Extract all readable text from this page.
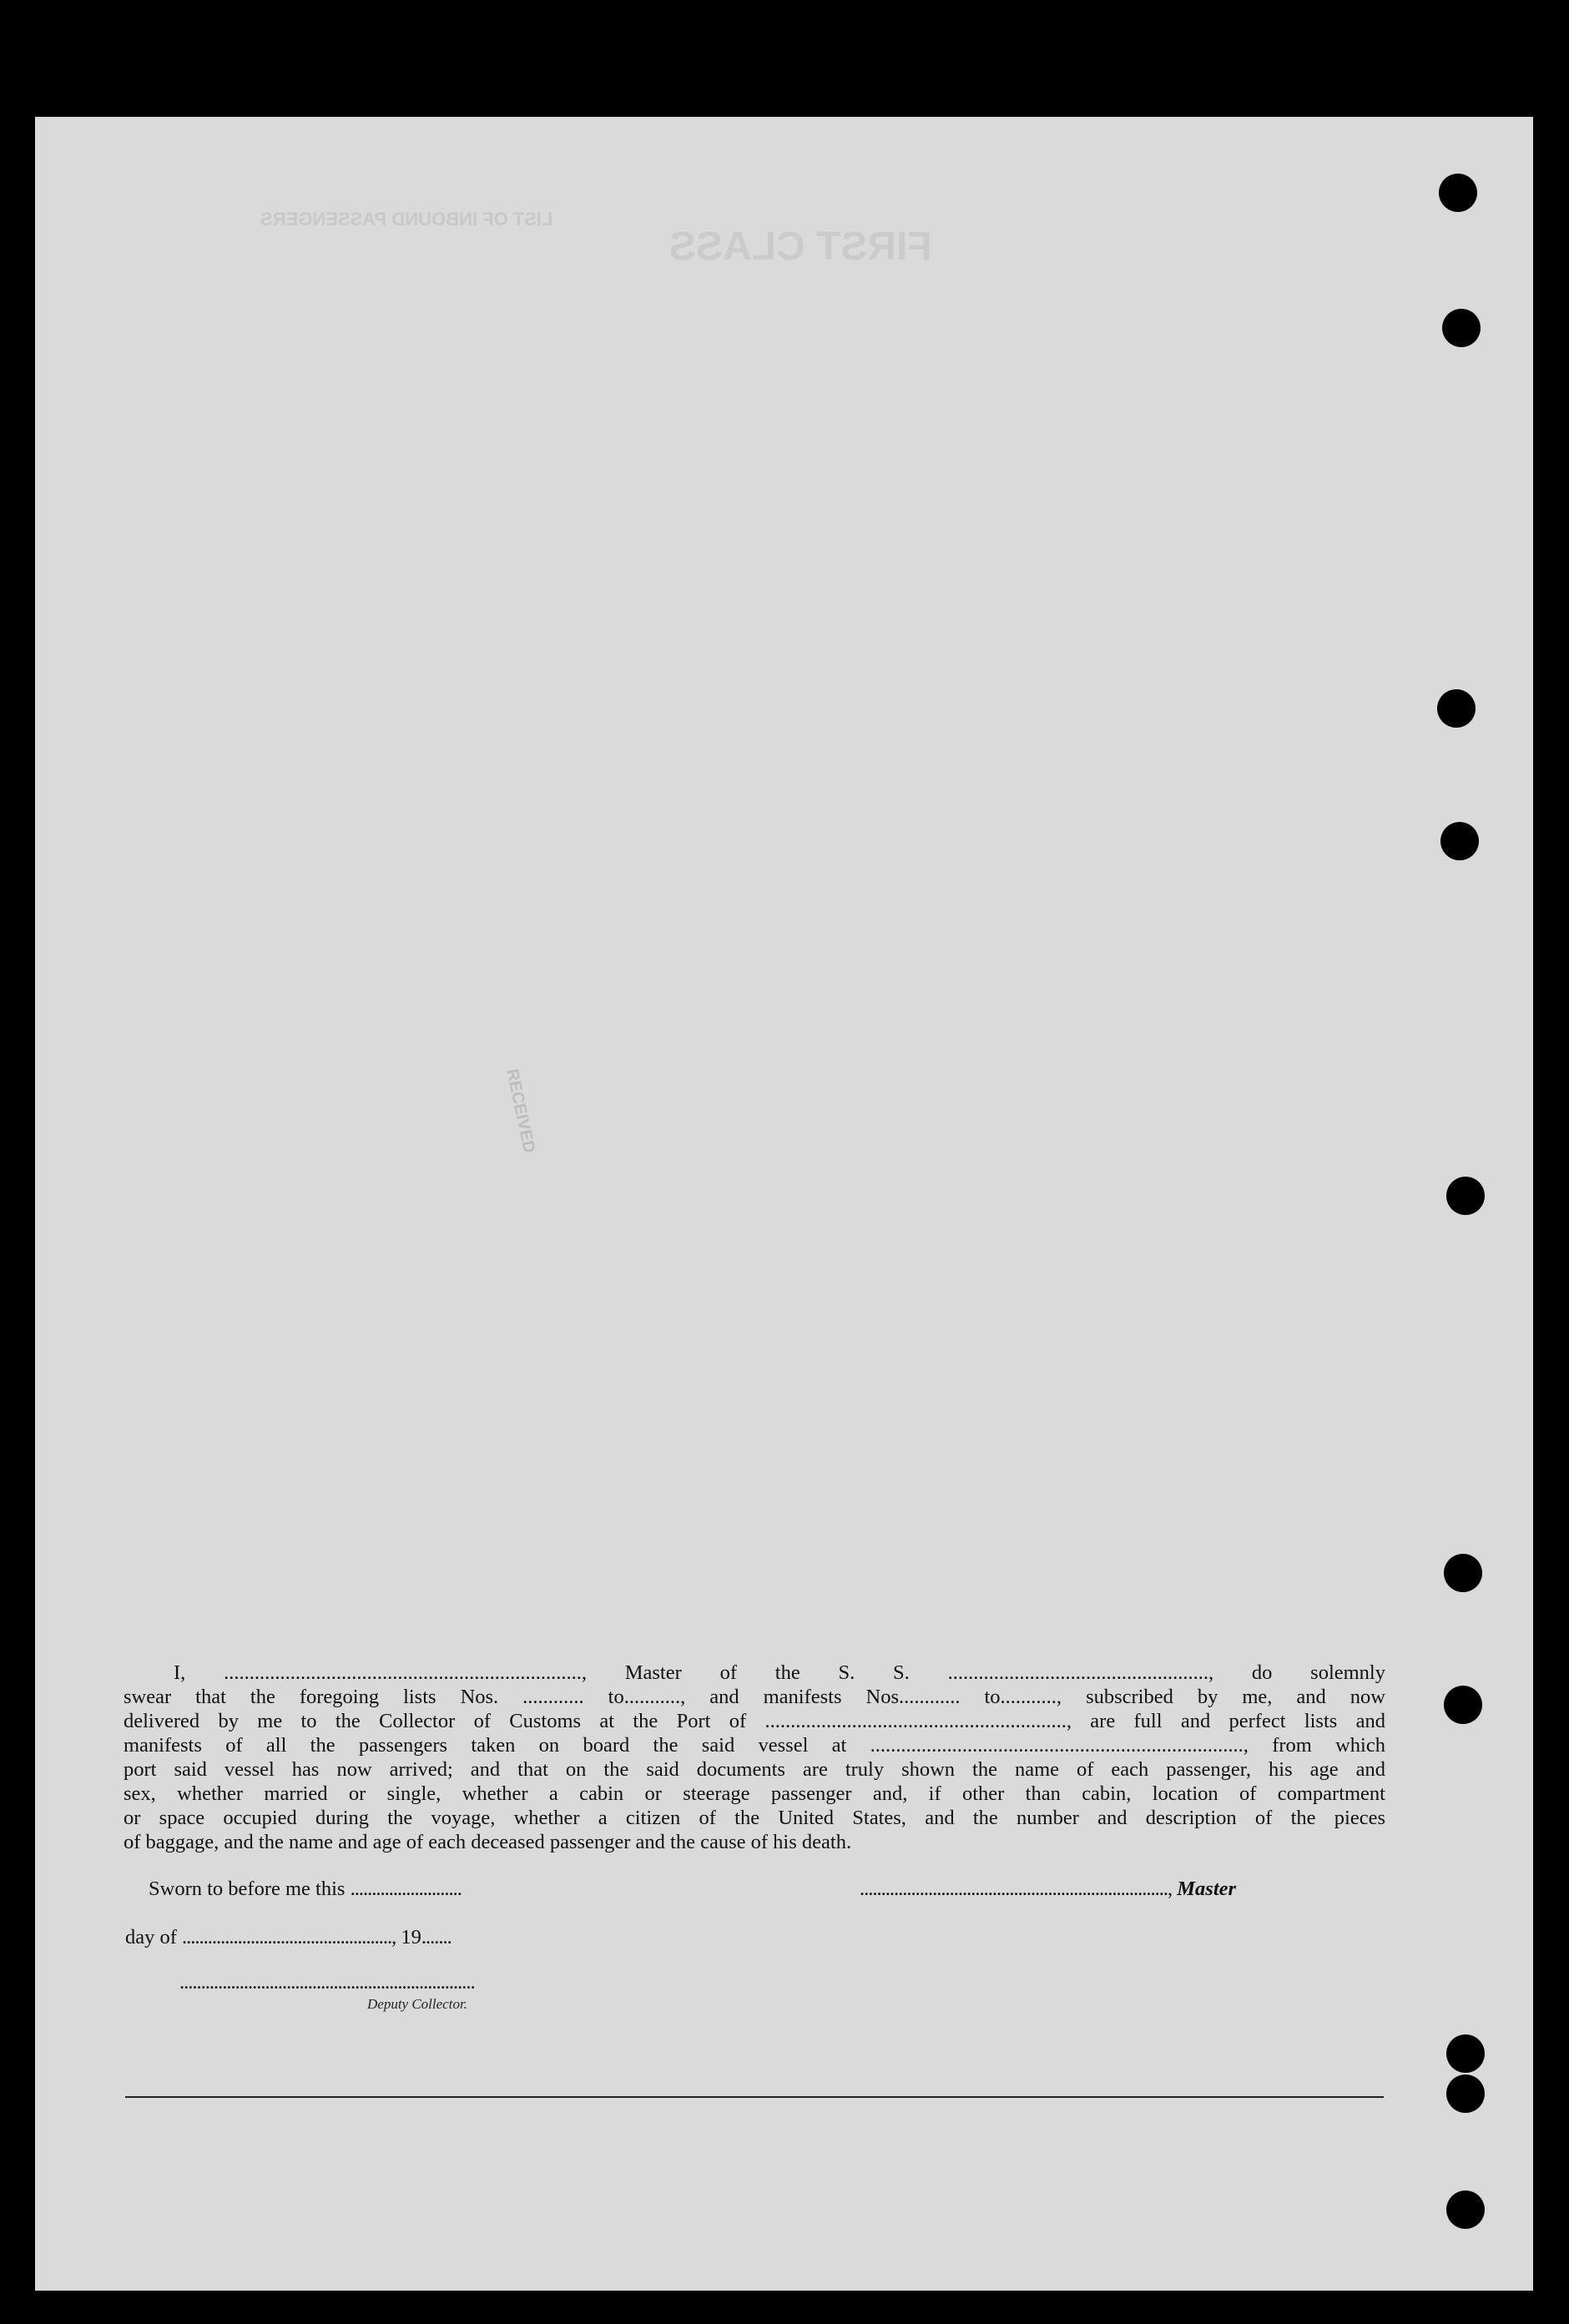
LIST OF INBOUND PASSENGERS
FIRST CLASS
RECEIVED
I, ......................................................................, Master of the S. S. ..................................................., do solemnly
swear that the foregoing lists Nos. ............ to..........., and manifests Nos............ to..........., subscribed by me, and now
delivered by me to the Collector of Customs at the Port of ..........................................................., are full and perfect lists and
manifests of all the passengers taken on board the said vessel at ........................................................................., from which
port said vessel has now arrived; and that on the said documents are truly shown the name of each passenger, his age and
sex, whether married or single, whether a cabin or steerage passenger and, if other than cabin, location of compartment
or space occupied during the voyage, whether a citizen of the United States, and the number and description of the pieces
of baggage, and the name and age of each deceased passenger and the cause of his death.
Sworn to before me this ..........................	........................................................................, Master
day of ................................................., 19.......
.....................................................................
Deputy Collector.
